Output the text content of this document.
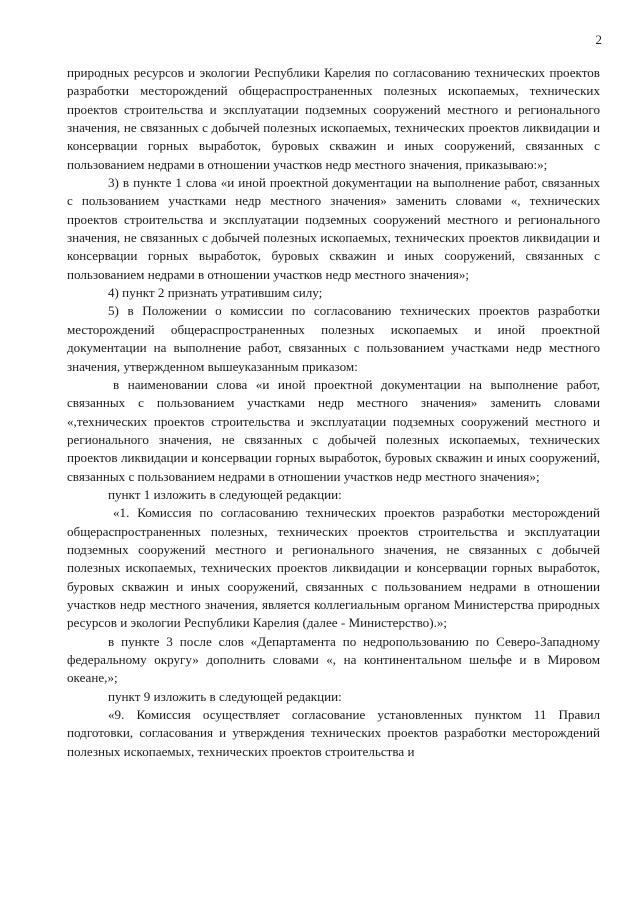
2

природных ресурсов и экологии Республики Карелия по согласованию технических проектов разработки месторождений общераспространенных полезных ископаемых, технических проектов строительства и эксплуатации подземных сооружений местного и регионального значения, не связанных с добычей полезных ископаемых, технических проектов ликвидации и консервации горных выработок, буровых скважин и иных сооружений, связанных с пользованием недрами в отношении участков недр местного значения, приказываю:»;

3) в пункте 1 слова «и иной проектной документации на выполнение работ, связанных с пользованием участками недр местного значения» заменить словами «, технических проектов строительства и эксплуатации подземных сооружений местного и регионального значения, не связанных с добычей полезных ископаемых, технических проектов ликвидации и консервации горных выработок, буровых скважин и иных сооружений, связанных с пользованием недрами в отношении участков недр местного значения»;

4) пункт 2 признать утратившим силу;

5) в Положении о комиссии по согласованию технических проектов разработки месторождений общераспространенных полезных ископаемых и иной проектной документации на выполнение работ, связанных с пользованием участками недр местного значения, утвержденном вышеуказанным приказом:

в наименовании слова «и иной проектной документации на выполнение работ, связанных с пользованием участками недр местного значения» заменить словами «,технических проектов строительства и эксплуатации подземных сооружений местного и регионального значения, не связанных с добычей полезных ископаемых, технических проектов ликвидации и консервации горных выработок, буровых скважин и иных сооружений, связанных с пользованием недрами в отношении участков недр местного значения»;

пункт 1 изложить в следующей редакции:

«1. Комиссия по согласованию технических проектов разработки месторождений общераспространенных полезных, технических проектов строительства и эксплуатации подземных сооружений местного и регионального значения, не связанных с добычей полезных ископаемых, технических проектов ликвидации и консервации горных выработок, буровых скважин и иных сооружений, связанных с пользованием недрами в отношении участков недр местного значения, является коллегиальным органом Министерства природных ресурсов и экологии Республики Карелия (далее - Министерство).»;

в пункте 3 после слов «Департамента по недропользованию по Северо-Западному федеральному округу» дополнить словами «, на континентальном шельфе и в Мировом океане,»;

пункт 9 изложить в следующей редакции:

«9. Комиссия осуществляет согласование установленных пунктом 11 Правил подготовки, согласования и утверждения технических проектов разработки месторождений полезных ископаемых, технических проектов строительства и
